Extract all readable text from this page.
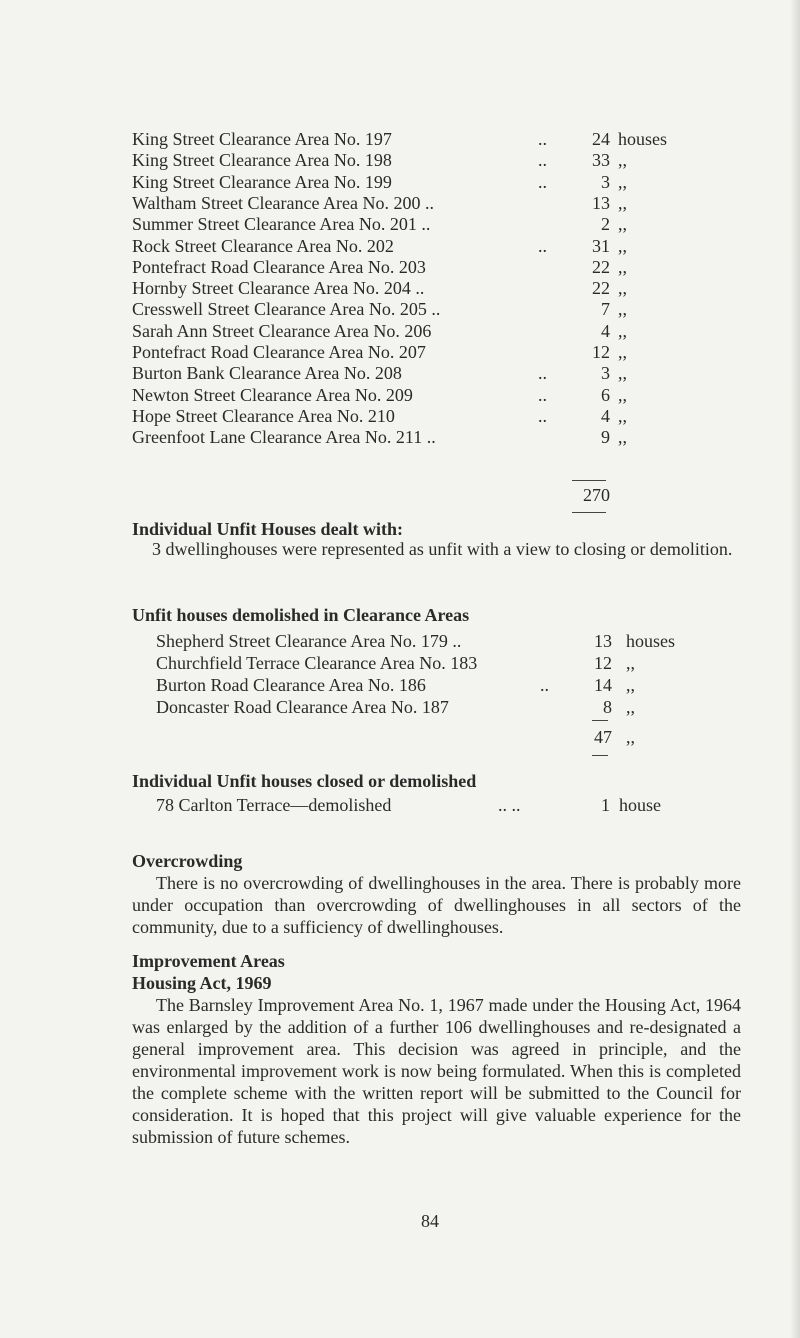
King Street Clearance Area No. 197	..	24 houses
King Street Clearance Area No. 198	..	33 ,,
King Street Clearance Area No. 199	..	3 ,,
Waltham Street Clearance Area No. 200 ..	13 ,,
Summer Street Clearance Area No. 201 ..	2 ,,
Rock Street Clearance Area No. 202	..	31 ,,
Pontefract Road Clearance Area No. 203	22 ,,
Hornby Street Clearance Area No. 204 ..	22 ,,
Cresswell Street Clearance Area No. 205 ..	7 ,,
Sarah Ann Street Clearance Area No. 206	4 ,,
Pontefract Road Clearance Area No. 207	12 ,,
Burton Bank Clearance Area No. 208	..	3 ,,
Newton Street Clearance Area No. 209	..	6 ,,
Hope Street Clearance Area No. 210	..	4 ,,
Greenfoot Lane Clearance Area No. 211 ..	9 ,,
270
Individual Unfit Houses dealt with:
3 dwellinghouses were represented as unfit with a view to closing or demolition.
Unfit houses demolished in Clearance Areas
Shepherd Street Clearance Area No. 179 ..	13 houses
Churchfield Terrace Clearance Area No. 183	12 ,,
Burton Road Clearance Area No. 186	..	14 ,,
Doncaster Road Clearance Area No. 187	8 ,,
47 ,,
Individual Unfit houses closed or demolished
78 Carlton Terrace—demolished	.. ..	1 house
Overcrowding
There is no overcrowding of dwellinghouses in the area. There is probably more under occupation than overcrowding of dwellinghouses in all sectors of the community, due to a sufficiency of dwellinghouses.
Improvement Areas
Housing Act, 1969
The Barnsley Improvement Area No. 1, 1967 made under the Housing Act, 1964 was enlarged by the addition of a further 106 dwellinghouses and re-designated a general improvement area. This decision was agreed in principle, and the environmental improvement work is now being formulated. When this is completed the complete scheme with the written report will be submitted to the Council for consideration. It is hoped that this project will give valuable experience for the submission of future schemes.
84
